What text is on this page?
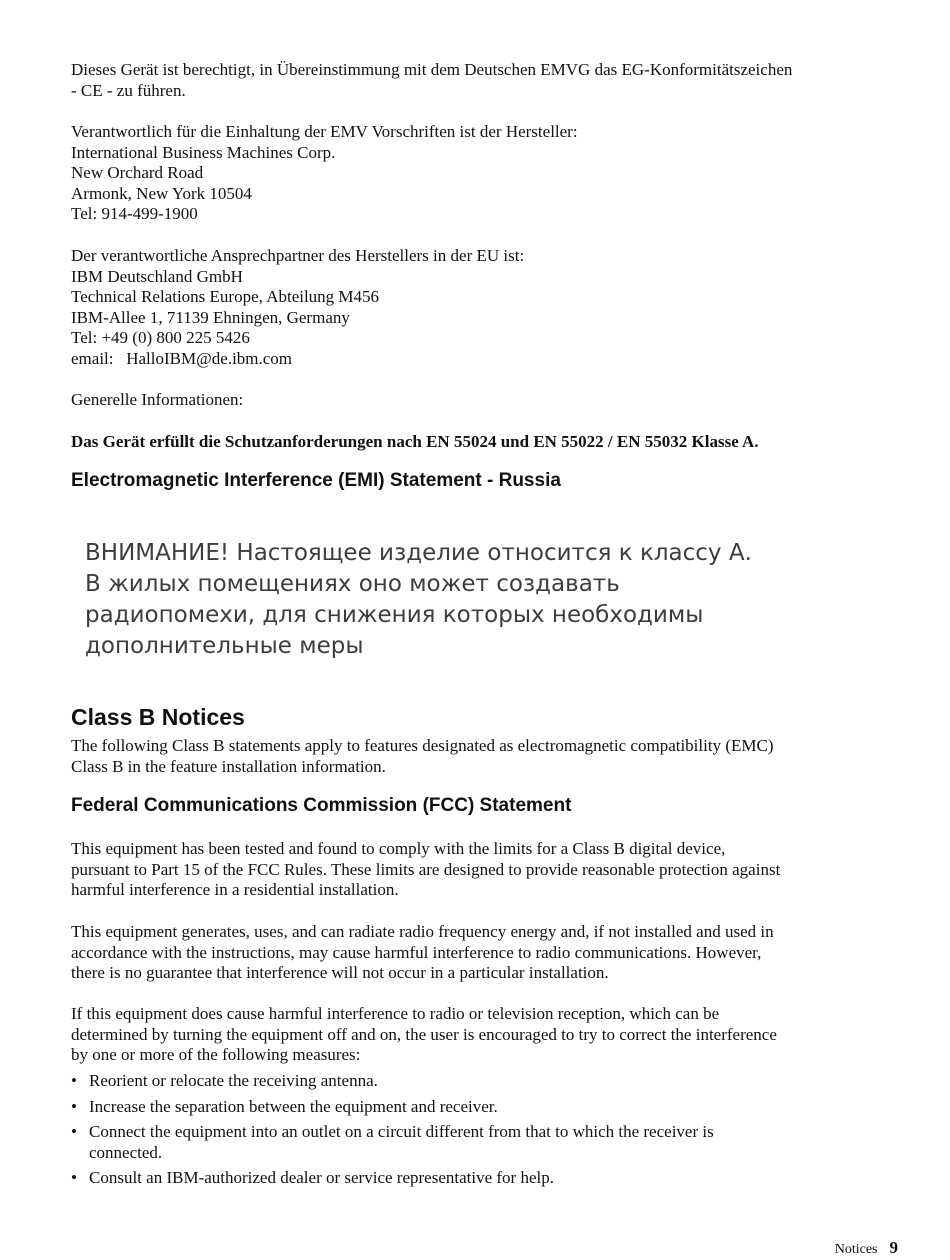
Dieses Gerät ist berechtigt, in Übereinstimmung mit dem Deutschen EMVG das EG-Konformitätszeichen
- CE - zu führen.
Verantwortlich für die Einhaltung der EMV Vorschriften ist der Hersteller:
International Business Machines Corp.
New Orchard Road
Armonk, New York 10504
Tel: 914-499-1900
Der verantwortliche Ansprechpartner des Herstellers in der EU ist:
IBM Deutschland GmbH
Technical Relations Europe, Abteilung M456
IBM-Allee 1, 71139 Ehningen, Germany
Tel: +49 (0) 800 225 5426
email:   HalloIBM@de.ibm.com
Generelle Informationen:
Das Gerät erfüllt die Schutzanforderungen nach EN 55024 und EN 55022 / EN 55032 Klasse A.
Electromagnetic Interference (EMI) Statement - Russia
ВНИМАНИЕ! Настоящее изделие относится к классу А.
В жилых помещениях оно может создавать
радиопомехи, для снижения которых необходимы
дополнительные меры
Class B Notices
The following Class B statements apply to features designated as electromagnetic compatibility (EMC)
Class B in the feature installation information.
Federal Communications Commission (FCC) Statement
This equipment has been tested and found to comply with the limits for a Class B digital device,
pursuant to Part 15 of the FCC Rules. These limits are designed to provide reasonable protection against
harmful interference in a residential installation.
This equipment generates, uses, and can radiate radio frequency energy and, if not installed and used in
accordance with the instructions, may cause harmful interference to radio communications. However,
there is no guarantee that interference will not occur in a particular installation.
If this equipment does cause harmful interference to radio or television reception, which can be
determined by turning the equipment off and on, the user is encouraged to try to correct the interference
by one or more of the following measures:
• Reorient or relocate the receiving antenna.
• Increase the separation between the equipment and receiver.
• Connect the equipment into an outlet on a circuit different from that to which the receiver is
connected.
• Consult an IBM-authorized dealer or service representative for help.
Notices 9
